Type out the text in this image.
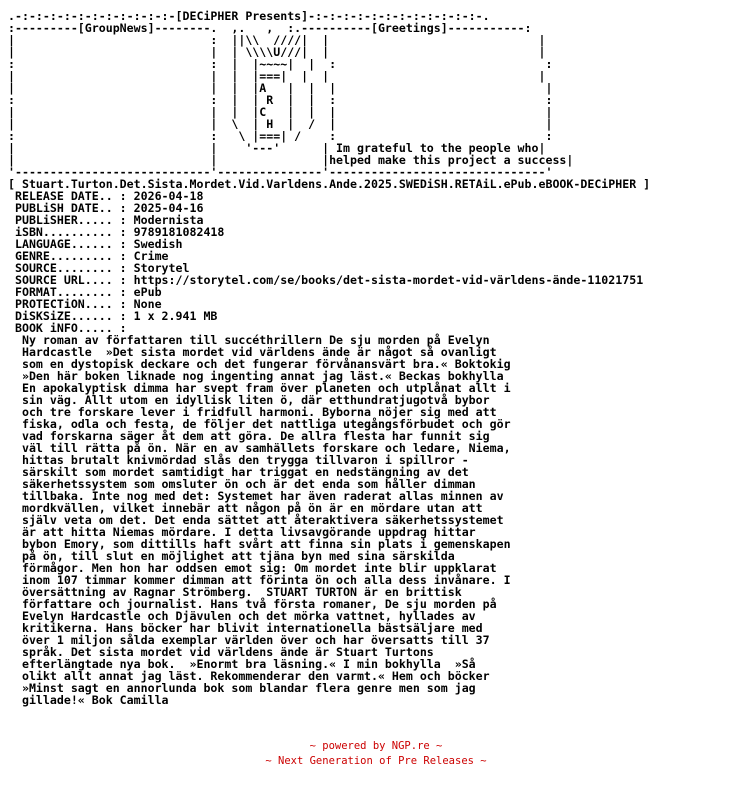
.-:-:-:-:-:-:-:-:-:-:-:-[DECiPHER Presents]-:-:-:-:-:-:-:-:-:-:-:-:-.
:---------[GroupNews]--------.  ,.   ,  :.----------[Greetings]-----------:
|                            :  ||\\  ////|  |                              |
|                            |  | \\\\U///|  |                              |
:                            :  |  |~~~~|  |  :                              :
|                            |  |  |===|  |  |                              |
|                            |  |  |A   |  |  |                              |
:                            :  |  | R  |  |  :                              :
|                            |  |  |C   |  |  |                              |
|                            |  \  | H  |  /  |                              |
:                            :   \ |===| /    :                              :
|                            |    '---'      | Im grateful to the people who|
|                            |               |helped make this project a success|
'----------------------------'---------------'-------------------------------'
[ Stuart.Turton.Det.Sista.Mordet.Vid.Varldens.Ande.2025.SWEDiSH.RETAiL.ePub.eBOOK-DECiPHER ]
RELEASE DATE.. : 2026-04-18
PUBLiSH DATE.. : 2025-04-16
PUBLiSHER..... : Modernista
iSBN.......... : 9789181082418
LANGUAGE...... : Swedish
GENRE......... : Crime
SOURCE........ : Storytel
SOURCE URL.... : https://storytel.com/se/books/det-sista-mordet-vid-världens-ände-11021751
FORMAT........ : ePub
PROTECTiON.... : None
DiSKSiZE...... : 1 x 2.941 MB
BOOK iNFO..... :
Ny roman av författaren till succéthrillern De sju morden på Evelyn
Hardcastle  »Det sista mordet vid världens ände är något så ovanligt
som en dystopisk deckare och det fungerar förvånansvärt bra.« Boktokig
»Den här boken liknade nog ingenting annat jag läst.« Beckas bokhylla
En apokalyptisk dimma har svept fram över planeten och utplånat allt i
sin väg. Allt utom en idyllisk liten ö, där etthundratjugotvå bybor
och tre forskare lever i fridfull harmoni. Byborna nöjer sig med att
fiska, odla och festa, de följer det nattliga utegångsförbudet och gör
vad forskarna säger åt dem att göra. De allra flesta har funnit sig
väl till rätta på ön. När en av samhällets forskare och ledare, Niema,
hittas brutalt knivmördad slås den trygga tillvaron i spillror -
särskilt som mordet samtidigt har triggat en nedstängning av det
säkerhetssystem som omsluter ön och är det enda som håller dimman
tillbaka. Inte nog med det: Systemet har även raderat allas minnen av
mordkvällen, vilket innebär att någon på ön är en mördare utan att
själv veta om det. Det enda sättet att återaktivera säkerhetssystemet
är att hitta Niemas mördare. I detta livsavgörande uppdrag hittar
bybon Emory, som dittills haft svårt att finna sin plats i gemenskapen
på ön, till slut en möjlighet att tjäna byn med sina särskilda
förmågor. Men hon har oddsen emot sig: Om mordet inte blir uppklarat
inom 107 timmar kommer dimman att förinta ön och alla dess invånare. I
översättning av Ragnar Strömberg.  STUART TURTON är en brittisk
författare och journalist. Hans två första romaner, De sju morden på
Evelyn Hardcastle och Djävulen och det mörka vattnet, hyllades av
kritikerna. Hans böcker har blivit internationella bästsäljare med
över 1 miljon sålda exemplar världen över och har översatts till 37
språk. Det sista mordet vid världens ände är Stuart Turtons
efterlängtade nya bok.  »Enormt bra läsning.« I min bokhylla  »Så
olikt allt annat jag läst. Rekommenderar den varmt.« Hem och böcker
»Minst sagt en annorlunda bok som blandar flera genre men som jag
gillade!« Bok Camilla
~ powered by NGP.re ~
~ Next Generation of Pre Releases ~
